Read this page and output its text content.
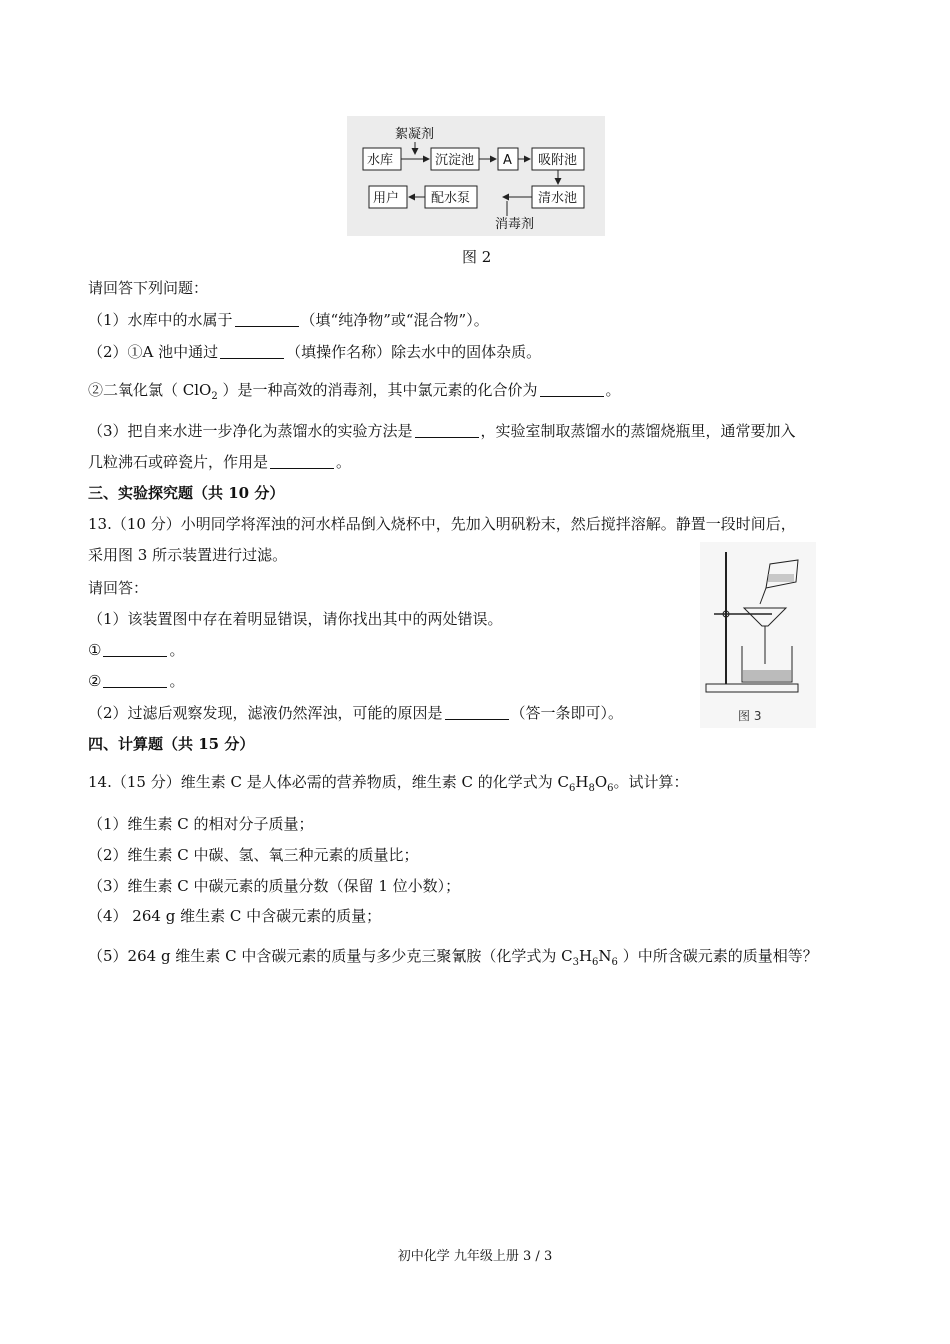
絮凝剂
水库	沉淀池 A 吸附池
清水池
消毒剂
配水泵
用户
图 2
请回答下列问题：
（1）水库中的水属于	（填“纯净物”或“混合物”）。
（2）①A 池中通过	（填操作名称）除去水中的固体杂质。
②二氧化氯（ ClO$_2$ ）是一种高效的消毒剂，其中氯元素的化合价为	。
（3）把自来水进一步净化为蒸馏水的实验方法是	，实验室制取蒸馏水的蒸馏烧瓶里，通常要加入
几粒沸石或碎瓷片，作用是	。
三、实验探究题（共 10 分）
13.（10 分）小明同学将浑浊的河水样品倒入烧杯中，先加入明矾粉末，然后搅拌溶解。静置一段时间后，
采用图 3 所示装置进行过滤。
请回答：
（1）该装置图中存在着明显错误，请你找出其中的两处错误。
①	。
②	。
（2）过滤后观察发现，滤液仍然浑浊，可能的原因是	（答一条即可）。	图 3
四、计算题（共 15 分）
14.（15 分）维生素 C 是人体必需的营养物质，维生素 C 的化学式为 $C_6H_8O_6$。试计算：
（1）维生素 C 的相对分子质量；
（2）维生素 C 中碳、氢、氧三种元素的质量比；
（3）维生素 C 中碳元素的质量分数（保留 1 位小数）；
（4） 264 g 维生素 C 中含碳元素的质量；
（5）264 g 维生素 C 中含碳元素的质量与多少克三聚氰胺（化学式为 $C_3H_6N_6$ ）中所含碳元素的质量相等？
初中化学 九年级上册 3 / 3
